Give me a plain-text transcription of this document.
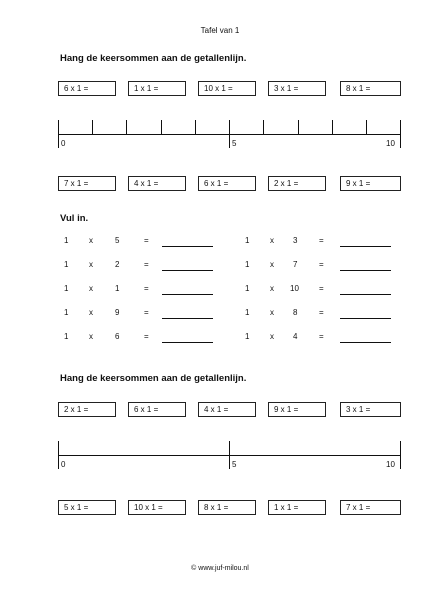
Tafel van 1
Hang de keersommen aan de getallenlijn.
6 x 1 =	1 x 1 =	10 x 1 =	3 x 1 =	8 x 1 =
0	5	10
7 x 1 =	4 x 1 =	6 x 1 =	2 x 1 =	9 x 1 =
Vul in.
1	x	5	=	1	x 3	=
1	x	2	=	1	x 7	=
1	x	1	=	1	x 10	=
1	x	9	=	1	x 8	=
1	x	6	=	1	x 4	=
Hang de keersommen aan de getallenlijn.
2 x 1 =	6 x 1 =	4 x 1 =	9 x 1 =	3 x 1 =
0	5	10
5 x 1 =	10 x 1 =	8 x 1 =	1 x 1 =	7 x 1 =
© www.juf-milou.nl
